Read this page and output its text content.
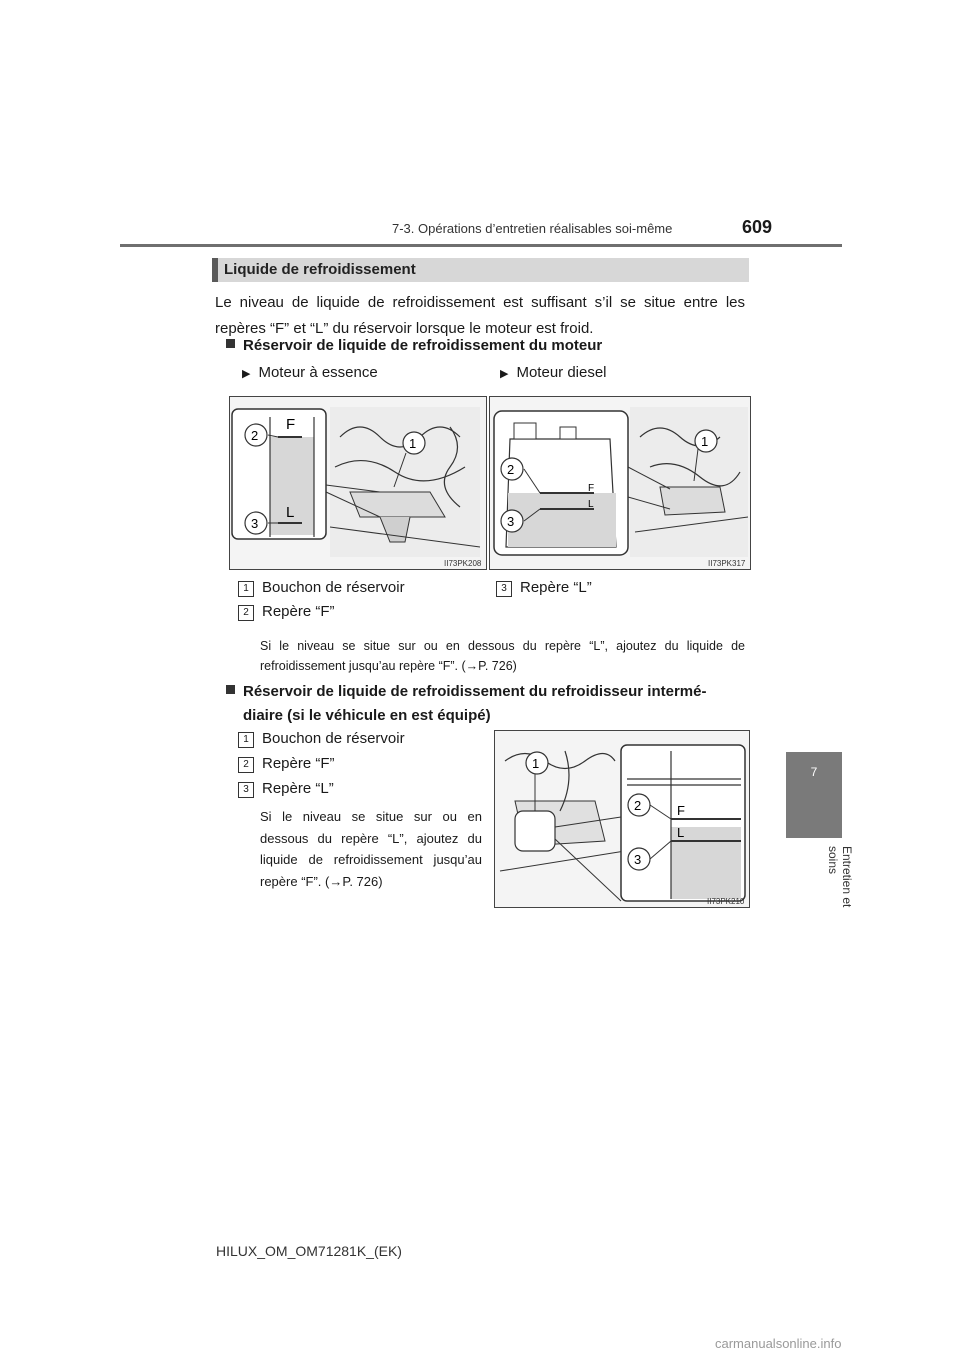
7-3. Opérations d’entretien réalisables soi-même	609
7
Entretien et soins
Liquide de refroidissement
Le niveau de liquide de refroidissement est suffisant s’il se situe entre les repères “F” et “L” du réservoir lorsque le moteur est froid.
Réservoir de liquide de refroidissement du moteur
▶ Moteur à essence	▶ Moteur diesel
F
L
2
3
1
II73PK208
F
L
2
3
1
II73PK317
1 Bouchon de réservoir	3 Repère “L”
2 Repère “F”
Si le niveau se situe sur ou en dessous du repère “L”, ajoutez du liquide de refroidissement jusqu’au repère “F”. (→P. 726)
Réservoir de liquide de refroidissement du refroidisseur intermé-
diaire (si le véhicule en est équipé)
1 Bouchon de réservoir
2 Repère “F”
3 Repère “L”
Si le niveau se situe sur ou en dessous du repère “L”, ajoutez du liquide de refroidissement jusqu’au repère “F”. (→P. 726)
F
L
2
3
1
II73PK210
HILUX_OM_OM71281K_(EK)
carmanualsonline.info
